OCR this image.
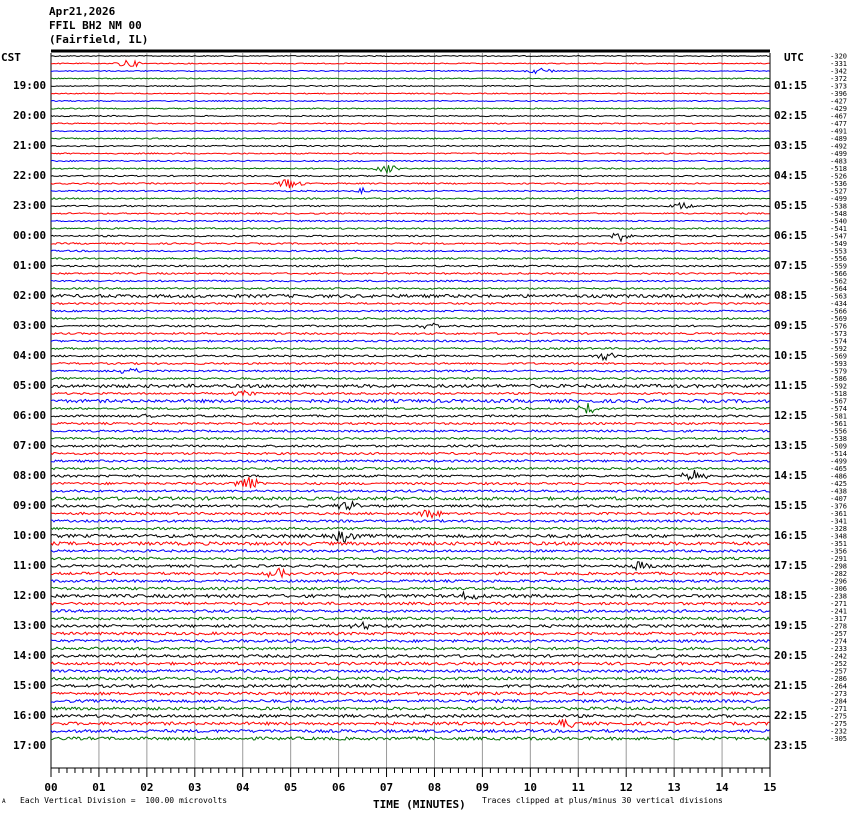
Apr21,2026
FFIL BH2 NM 00
(Fairfield, IL)
CST	UTC
19:00
20:00
21:00
22:00
23:00
00:00
01:00
02:00
03:00
04:00
05:00
06:00
07:00
08:00
09:00
10:00
11:00
12:00
13:00
14:00
15:00
16:00
17:00
01:15
02:15
03:15
04:15
05:15
06:15
07:15
08:15
09:15
10:15
11:15
12:15
13:15
14:15
15:15
16:15
17:15
18:15
19:15
20:15
21:15
22:15
23:15
-320
-331
-342
-372
-373
-396
-427
-429
-467
-477
-491
-489
-492
-499
-483
-518
-526
-536
-527
-499
-538
-548
-540
-541
-547
-549
-553
-556
-559
-566
-562
-564
-563
-434
-566
-569
-576
-573
-574
-592
-569
-593
-579
-586
-592
-518
-567
-574
-581
-561
-556
-538
-509
-514
-499
-465
-486
-425
-438
-407
-376
-361
-341
-328
-348
-351
-356
-291
-298
-282
-296
-306
-238
-271
-241
-317
-278
-257
-274
-233
-242
-252
-257
-286
-264
-273
-284
-271
-275
-275
-232
-305
00	01	02	03	04	05	06	07	08	09	10	11	12	13	14	15
A Each Vertical Division =  100.00 microvolts	TIME (MINUTES) Traces clipped at plus/minus 30 vertical divisions
